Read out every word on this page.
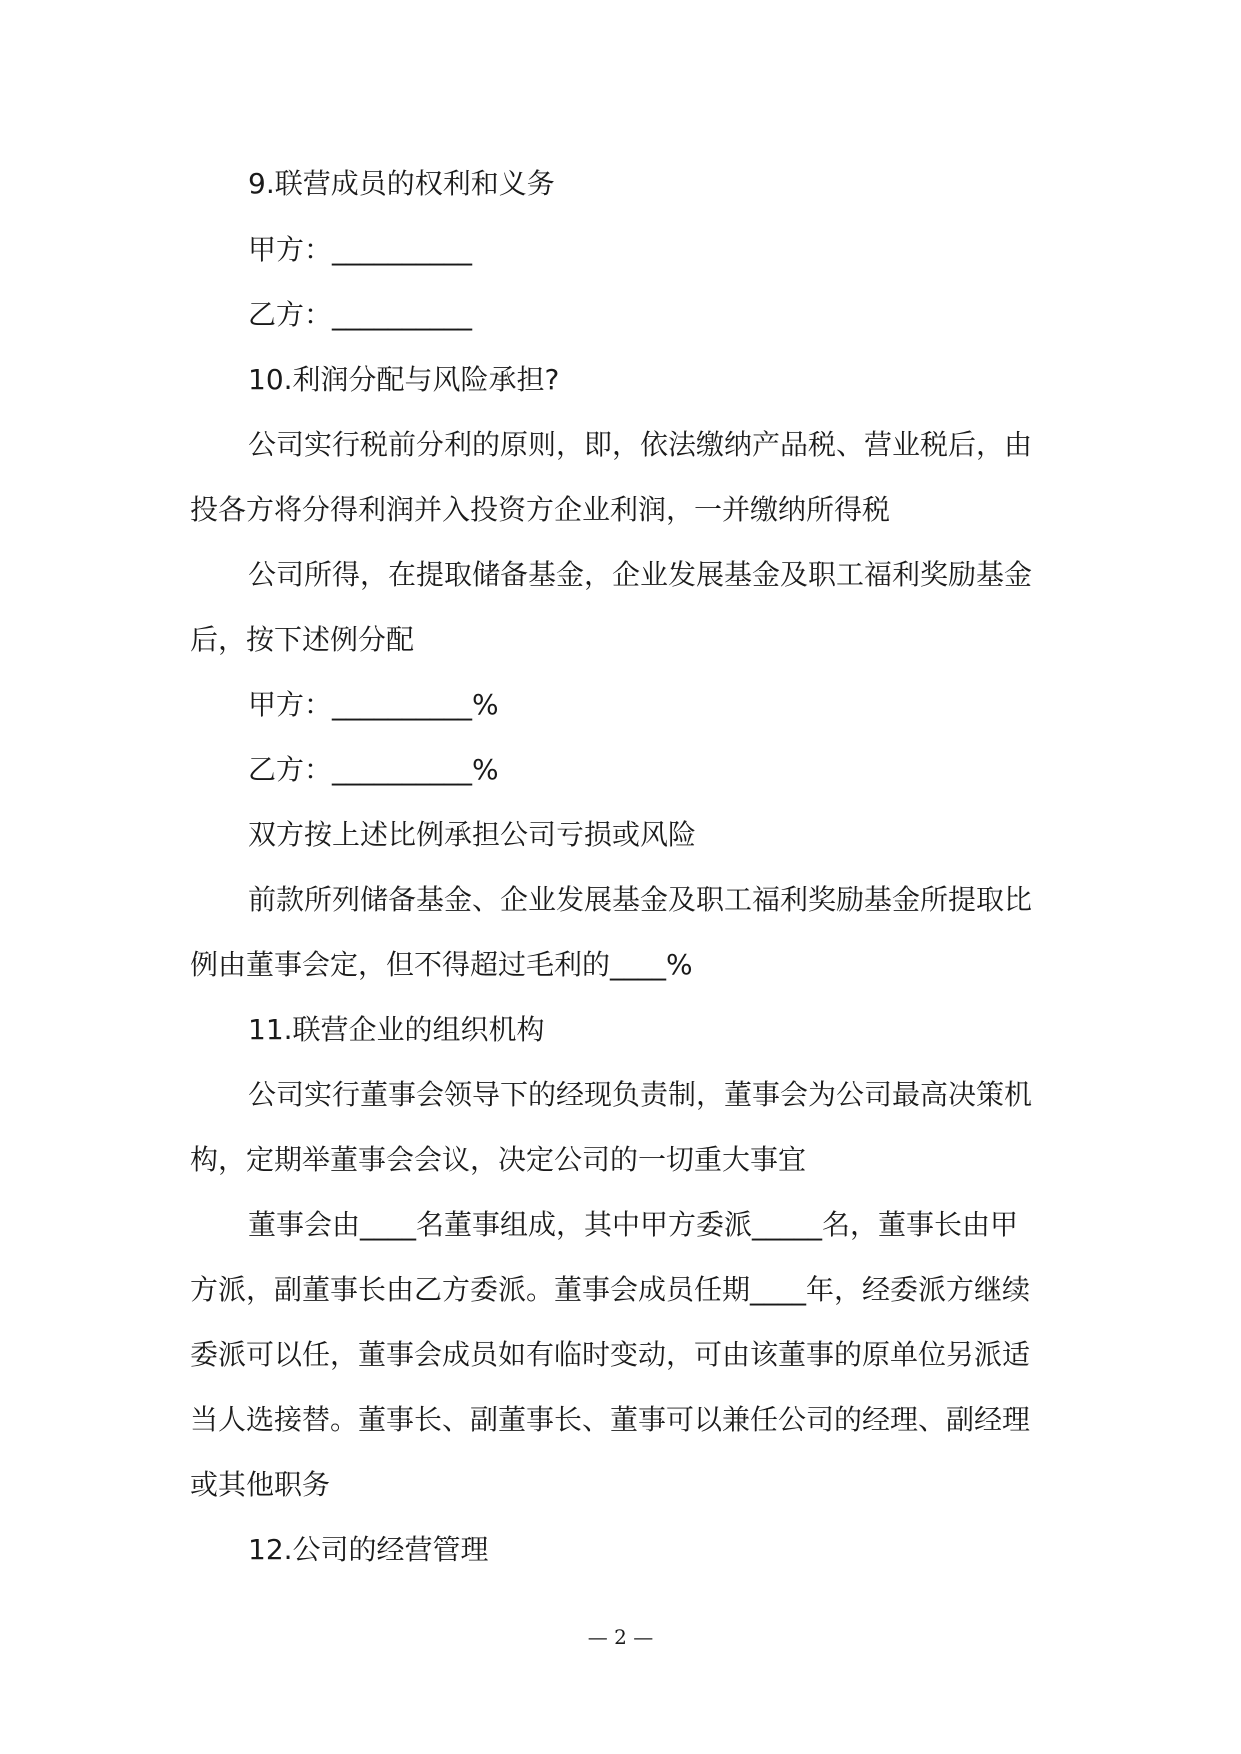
9.联营成员的权利和义务
甲方：__________
乙方：__________
10.利润分配与风险承担?
公司实行税前分利的原则，即，依法缴纳产品税、营业税后，由
投各方将分得利润并入投资方企业利润，一并缴纳所得税
公司所得，在提取储备基金，企业发展基金及职工福利奖励基金
后，按下述例分配
甲方：__________%
乙方：__________%
双方按上述比例承担公司亏损或风险
前款所列储备基金、企业发展基金及职工福利奖励基金所提取比
例由董事会定，但不得超过毛利的____%
11.联营企业的组织机构
公司实行董事会领导下的经现负责制，董事会为公司最高决策机
构，定期举董事会会议，决定公司的一切重大事宜
董事会由____名董事组成，其中甲方委派_____名，董事长由甲
方派，副董事长由乙方委派。董事会成员任期____年，经委派方继续
委派可以任，董事会成员如有临时变动，可由该董事的原单位另派适
当人选接替。董事长、副董事长、董事可以兼任公司的经理、副经理
或其他职务
12.公司的经营管理
— 2 —
